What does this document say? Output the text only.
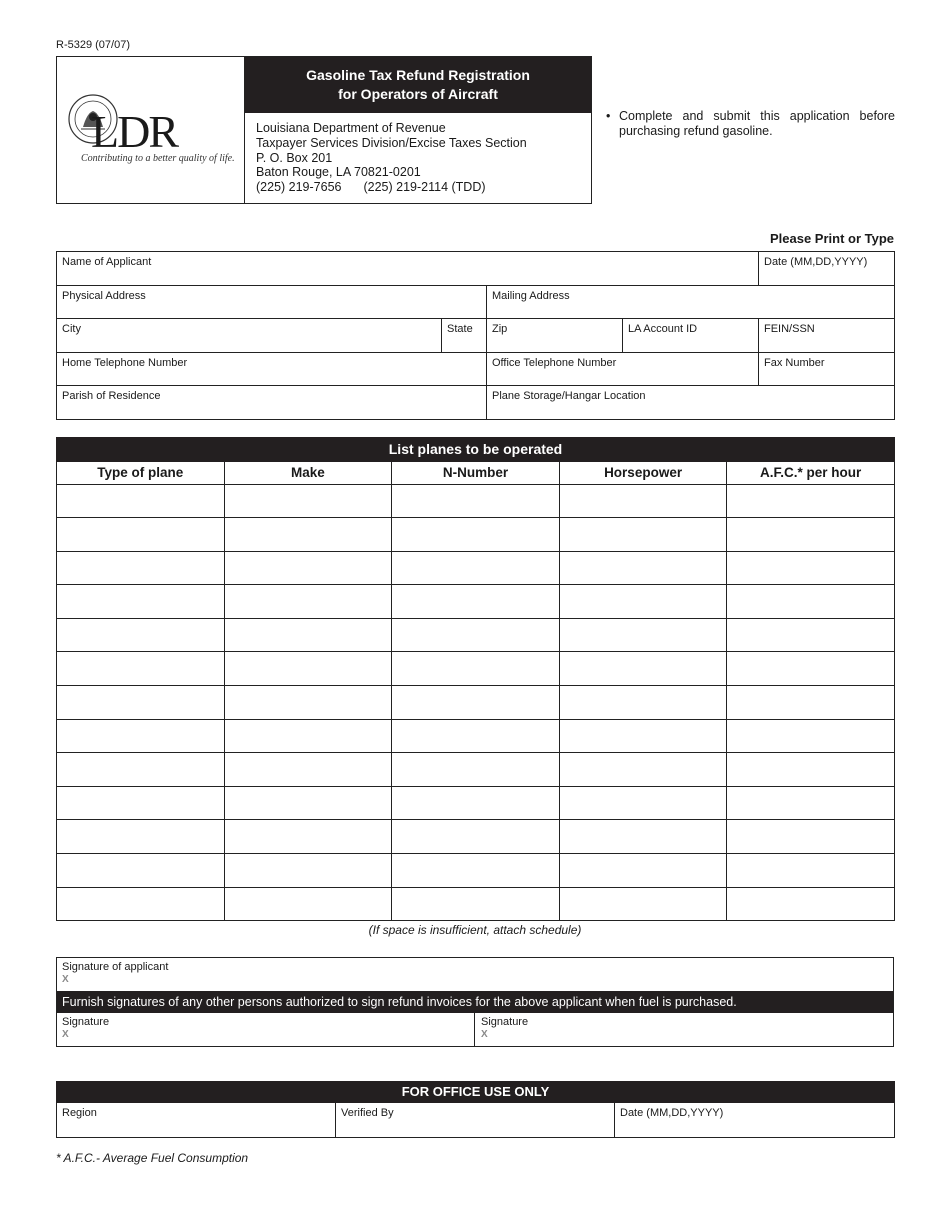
R-5329 (07/07)
LDR
Contributing to a better quality of life.
Gasoline Tax Refund Registration
for Operators of Aircraft
Louisiana Department of Revenue
Taxpayer Services Division/Excise Taxes Section
P. O. Box 201
Baton Rouge, LA 70821-0201
(225) 219-7656 (225) 219-2114 (TDD)
• Complete and submit this application before purchasing refund gasoline.
Please Print or Type
Name of Applicant	Date (MM,DD,YYYY)
Physical Address	Mailing Address
City	State	Zip	LA Account ID	FEIN/SSN
Home Telephone Number	Office Telephone Number	Fax Number
Parish of Residence	Plane Storage/Hangar Location
List planes to be operated
Type of plane	Make	N-Number	Horsepower	A.F.C.* per hour

(If space is insufficient, attach schedule)
Signature of applicant
X
Furnish signatures of any other persons authorized to sign refund invoices for the above applicant when fuel is purchased.
Signature
X
Signature
X
FOR OFFICE USE ONLY
Region	Verified By	Date (MM,DD,YYYY)
* A.F.C.- Average Fuel Consumption
